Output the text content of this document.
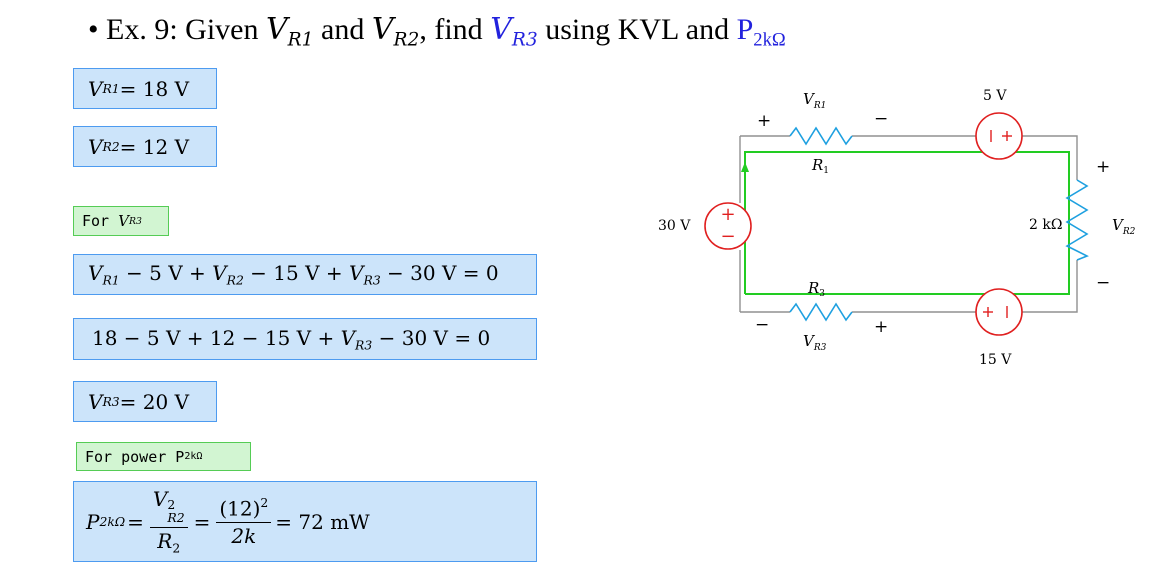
• Ex. 9: Given $V_{R1}$ and $V_{R2}$, find $V_{R3}$ using KVL and $P_{2k\Omega}$
V R1 = 18 V
V R2 = 12 V
For
V R3
$V_{R1} - 5$ $V + V_{R2} - 15$ $V + V_{R3} - 30$ V = 0
18 − 5 V + 12 − 15 $V + V_{R3} - 30$ V = 0
V R3 = 20 V
For power P 2kΩ
P 2kΩ = V 2
R2
$R_2 = \frac{(12)^2}{2k} = 72$ mW
+
−
$V_{R1}$
+	−
$R_1$
5 V
30 V	2 kΩ	$V_{R2}$
+
−
$R_3$
−	+
$V_{R3}$
15 V
